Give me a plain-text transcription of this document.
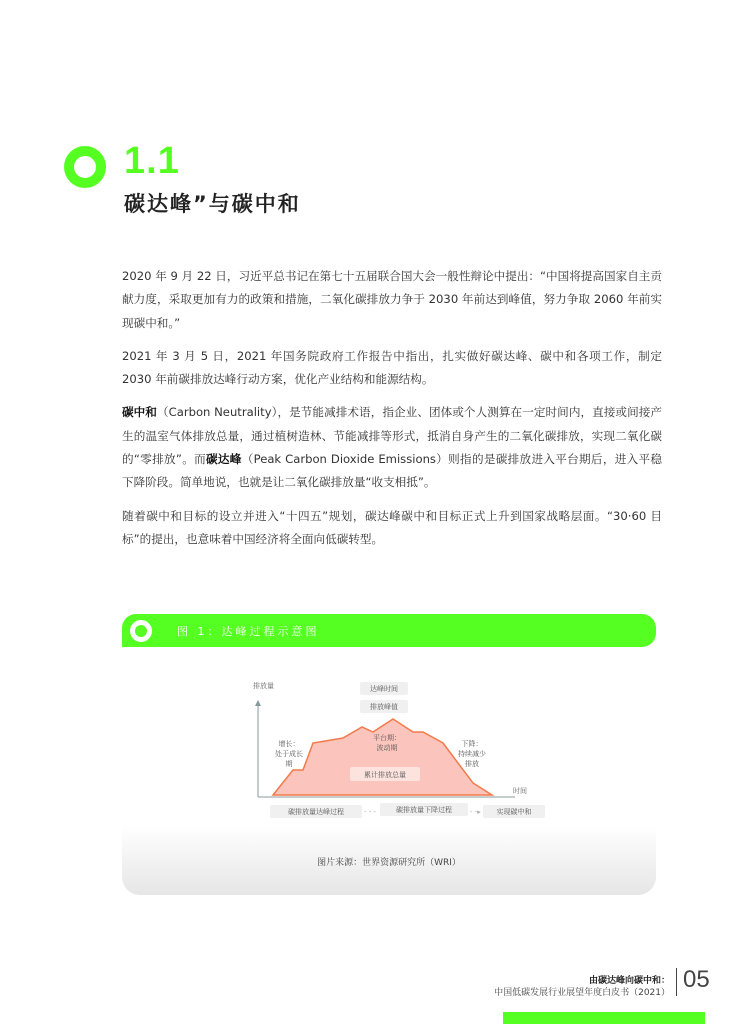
1.1
碳达峰”与碳中和

2020 年 9 月 22 日，习近平总书记在第七十五届联合国大会一般性辩论中提出：“中国将提高国家自主贡献力度，采取更加有力的政策和措施，二氧化碳排放力争于 2030 年前达到峰值，努力争取 2060 年前实现碳中和。”

2021 年 3 月 5 日，2021 年国务院政府工作报告中指出，扎实做好碳达峰、碳中和各项工作，制定 2030 年前碳排放达峰行动方案，优化产业结构和能源结构。

碳中和（Carbon Neutrality），是节能减排术语，指企业、团体或个人测算在一定时间内，直接或间接产生的温室气体排放总量，通过植树造林、节能减排等形式，抵消自身产生的二氧化碳排放，实现二氧化碳的“零排放”。而碳达峰（Peak Carbon Dioxide Emissions）则指的是碳排放进入平台期后，进入平稳下降阶段。简单地说，也就是让二氧化碳排放量“收支相抵”。

随着碳中和目标的设立并进入“十四五”规划，碳达峰碳中和目标正式上升到国家战略层面。“30·60 目标”的提出，也意味着中国经济将全面向低碳转型。

图 1：达峰过程示意图
排放量
时间
达峰时间
排放峰值
增长：处于成长期
平台期：波动期	下降：持续减少排放
累计排放总量
碳排放量达峰过程	- - -	碳排放量下降过程	- -▸ 实现碳中和
图片来源：世界资源研究所（WRI）
由碳达峰向碳中和：
中国低碳发展行业展望年度白皮书（2021） 05
